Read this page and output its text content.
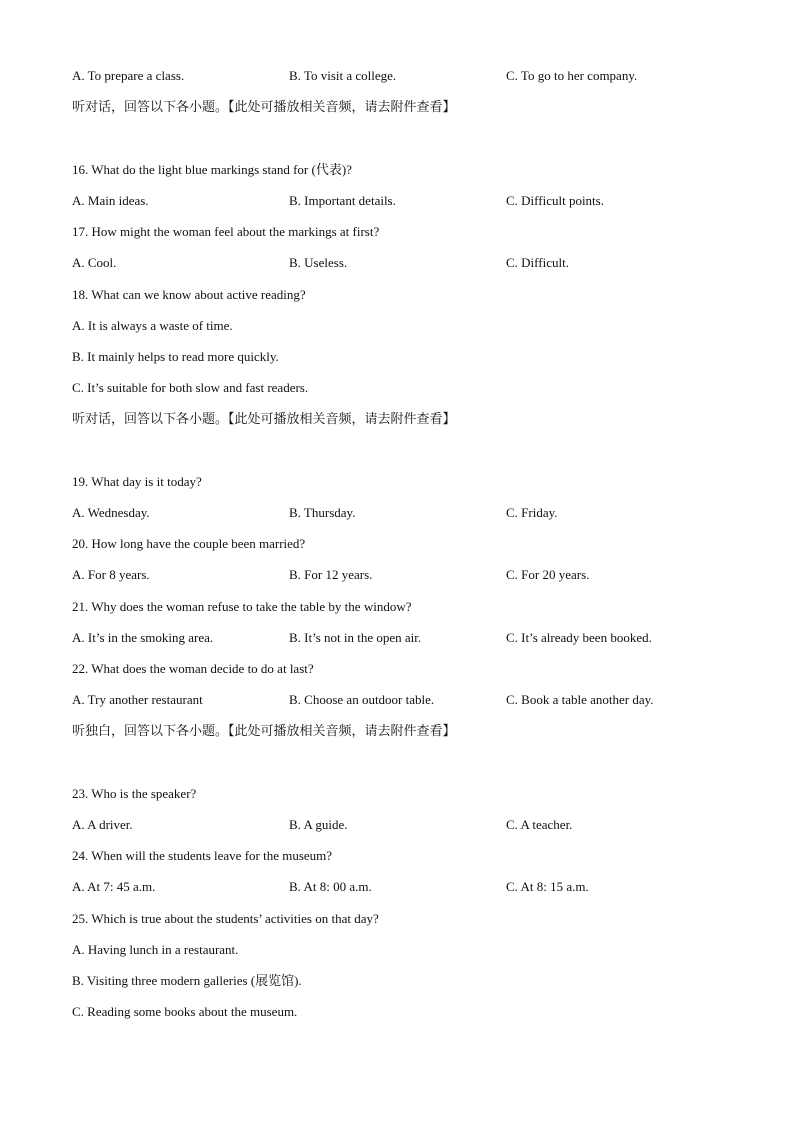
A. To prepare a class.	B. To visit a college.	C. To go to her company.
听对话，回答以下各小题。【此处可播放相关音频，请去附件查看】
16. What do the light blue markings stand for (代表)?
A. Main ideas.	B. Important details.	C. Difficult points.
17. How might the woman feel about the markings at first?
A. Cool.	B. Useless.	C. Difficult.
18. What can we know about active reading?
A. It is always a waste of time.
B. It mainly helps to read more quickly.
C. It’s suitable for both slow and fast readers.
听对话，回答以下各小题。【此处可播放相关音频，请去附件查看】
19. What day is it today?
A. Wednesday.	B. Thursday.	C. Friday.
20. How long have the couple been married?
A. For 8 years.	B. For 12 years.	C. For 20 years.
21. Why does the woman refuse to take the table by the window?
A. It’s in the smoking area.	B. It’s not in the open air.	C. It’s already been booked.
22. What does the woman decide to do at last?
A. Try another restaurant	B. Choose an outdoor table.	C. Book a table another day.
听独白，回答以下各小题。【此处可播放相关音频，请去附件查看】
23. Who is the speaker?
A. A driver.	B. A guide.	C. A teacher.
24. When will the students leave for the museum?
A. At 7: 45 a.m.	B. At 8: 00 a.m.	C. At 8: 15 a.m.
25. Which is true about the students’ activities on that day?
A. Having lunch in a restaurant.
B. Visiting three modern galleries (展览馆).
C. Reading some books about the museum.
